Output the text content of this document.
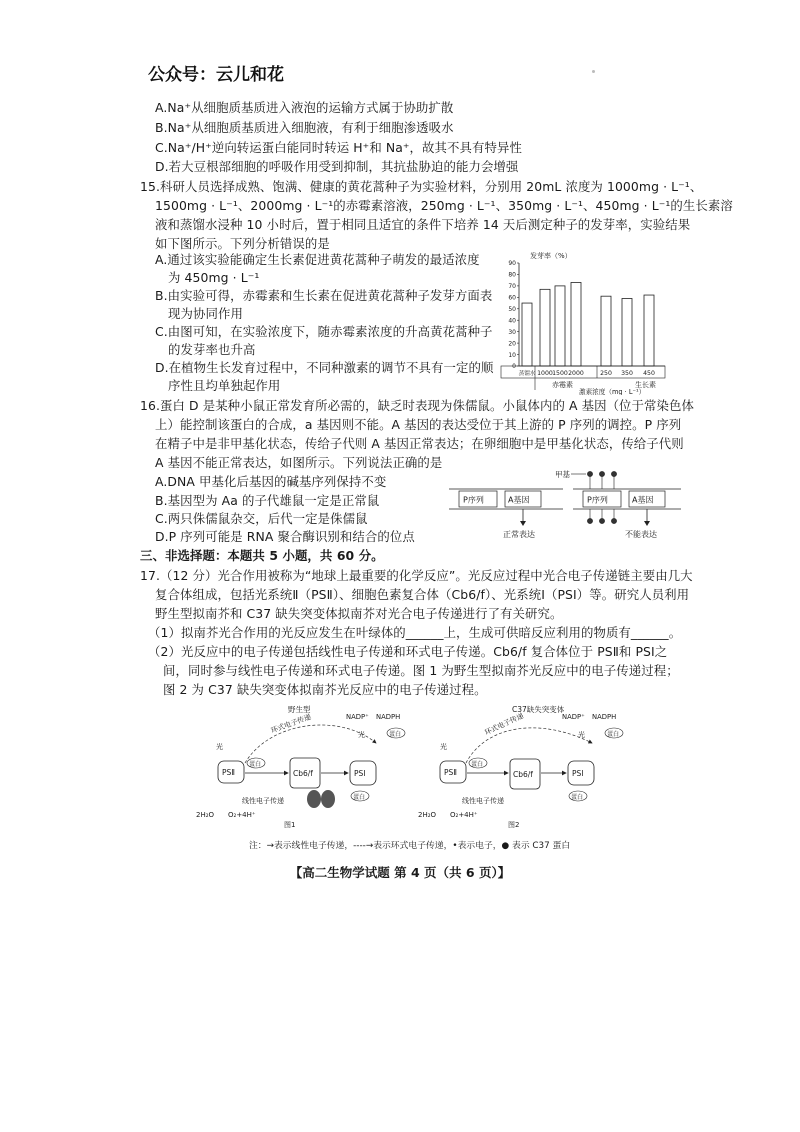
公众号：云儿和花
A.Na⁺从细胞质基质进入液泡的运输方式属于协助扩散
B.Na⁺从细胞质基质进入细胞液，有利于细胞渗透吸水
C.Na⁺/H⁺逆向转运蛋白能同时转运 H⁺和 Na⁺，故其不具有特异性
D.若大豆根部细胞的呼吸作用受到抑制，其抗盐胁迫的能力会增强
15.科研人员选择成熟、饱满、健康的黄花蒿种子为实验材料，分别用 20mL 浓度为 1000mg · L⁻¹、
1500mg · L⁻¹、2000mg · L⁻¹的赤霉素溶液，250mg · L⁻¹、350mg · L⁻¹、450mg · L⁻¹的生长素溶
液和蒸馏水浸种 10 小时后，置于相同且适宜的条件下培养 14 天后测定种子的发芽率，实验结果
如下图所示。下列分析错误的是
A.通过该实验能确定生长素促进黄花蒿种子萌发的最适浓度
为 450mg · L⁻¹
B.由实验可得，赤霉素和生长素在促进黄花蒿种子发芽方面表
现为协同作用
C.由图可知，在实验浓度下，随赤霉素浓度的升高黄花蒿种子
的发芽率也升高
D.在植物生长发育过程中，不同种激素的调节不具有一定的顺
序性且均单独起作用
发芽率（%）
0
10
20
30
40
50
60
70
80
90
蒸馏水 1000 1500 2000	250 350 450
赤霉素	生长素
激素浓度（mg · L⁻¹）
16.蛋白 D 是某种小鼠正常发育所必需的，缺乏时表现为侏儒鼠。小鼠体内的 A 基因（位于常染色体
上）能控制该蛋白的合成，a 基因则不能。A 基因的表达受位于其上游的 P 序列的调控。P 序列
在精子中是非甲基化状态，传给子代则 A 基因正常表达；在卵细胞中是甲基化状态，传给子代则
A 基因不能正常表达，如图所示。下列说法正确的是
A.DNA 甲基化后基因的碱基序列保持不变
B.基因型为 Aa 的子代雄鼠一定是正常鼠
C.两只侏儒鼠杂交，后代一定是侏儒鼠
D.P 序列可能是 RNA 聚合酶识别和结合的位点
P序列	A基因
正常表达
甲基
P序列	A基因
不能表达
三、非选择题：本题共 5 小题，共 60 分。
17.（12 分）光合作用被称为“地球上最重要的化学反应”。光反应过程中光合电子传递链主要由几大
复合体组成，包括光系统Ⅱ（PSⅡ）、细胞色素复合体（Cb6/f）、光系统Ⅰ（PSⅠ）等。研究人员利用
野生型拟南芥和 C37 缺失突变体拟南芥对光合电子传递进行了有关研究。
（1）拟南芥光合作用的光反应发生在叶绿体的______上，生成可供暗反应利用的物质有______。
（2）光反应中的电子传递包括线性电子传递和环式电子传递。Cb6/f 复合体位于 PSⅡ和 PSⅠ之
间，同时参与线性电子传递和环式电子传递。图 1 为野生型拟南芥光反应中的电子传递过程；
图 2 为 C37 缺失突变体拟南芥光反应中的电子传递过程。
野生型
环式电子传递
光
PSⅡ
蛋白
Cb6/f	PSⅠ
蛋白
蛋白
NADP⁺ NADPH
光
线性电子传递
2H₂O O₂+4H⁺
图1
C37缺失突变体
环式电子传递
光
PSⅡ
蛋白
Cb6/f	PSⅠ
蛋白
蛋白
NADP⁺ NADPH
光
线性电子传递
2H₂O O₂+4H⁺
图2
注：→表示线性电子传递，----→表示环式电子传递，•表示电子，● 表示 C37 蛋白
【高二生物学试题 第 4 页（共 6 页）】
